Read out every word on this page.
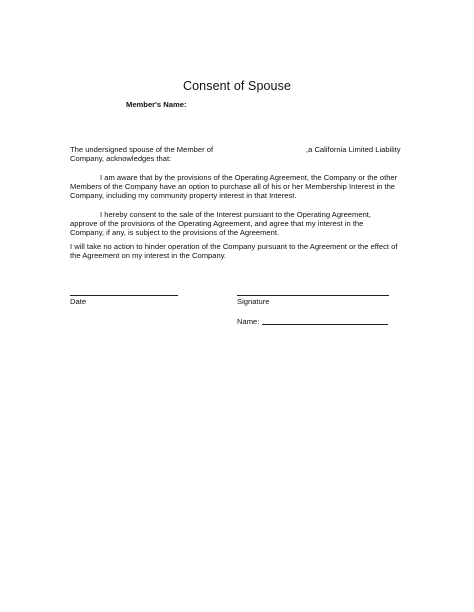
Consent of Spouse
Member's Name:
The undersigned spouse of the Member of	,a California Limited Liability
Company, acknowledges that:
I am aware that by the provisions of the Operating Agreement, the Company or the other
Members of the Company have an option to purchase all of his or her Membership Interest in the
Company, including my community property interest in that Interest.
I hereby consent to the sale of the Interest pursuant to the Operating Agreement,
approve of the provisions of the Operating Agreement, and agree that my interest in the
Company, if any, is subject to the provisions of the Agreement.
I will take no action to hinder operation of the Company pursuant to the Agreement or the effect of
the Agreement on my interest in the Company.
Date	Signature
Name:
